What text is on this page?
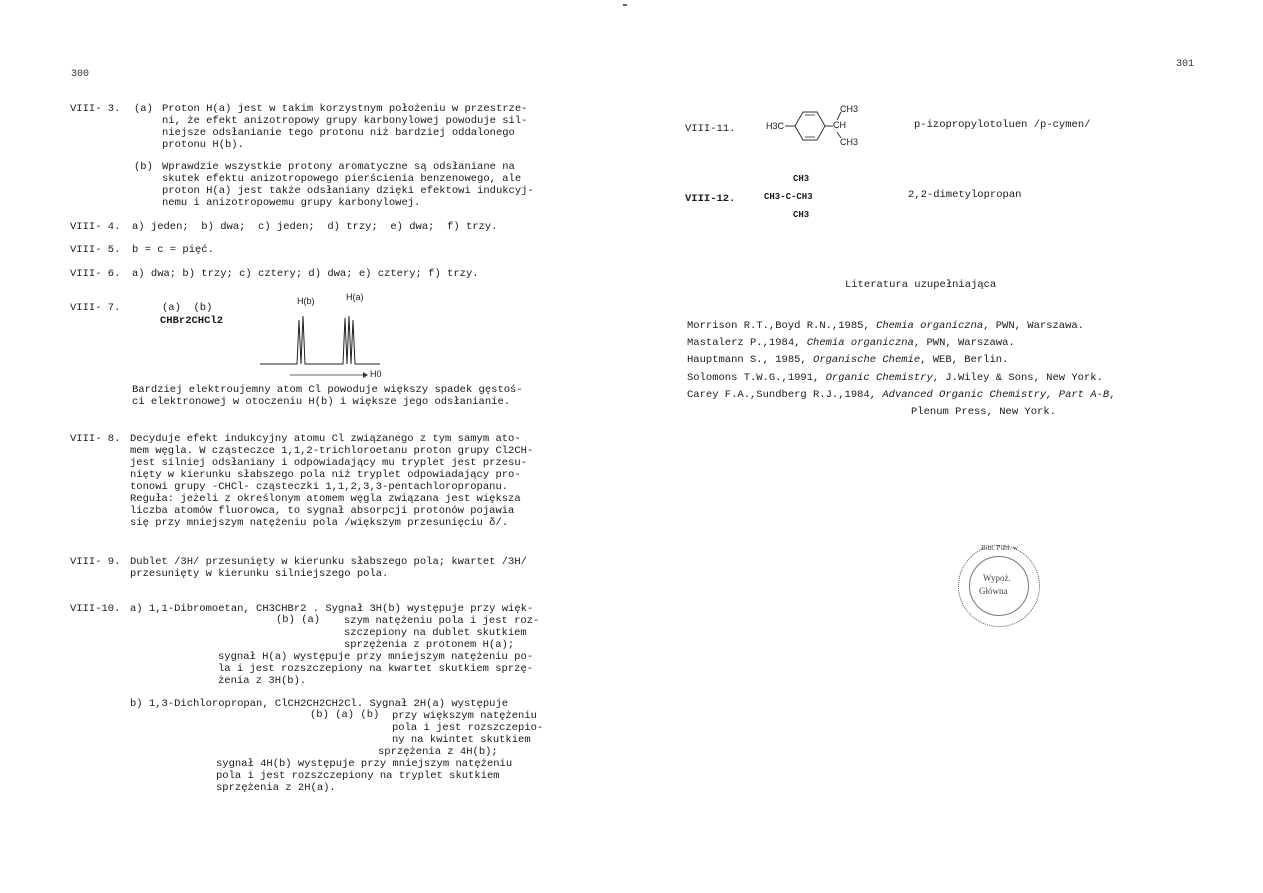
300
VIII- 3. (a) Proton H(a) jest w takim korzystnym położeniu w przestrze-
ni, że efekt anizotropowy grupy karbonylowej powoduje sil-
niejsze odsłanianie tego protonu niż bardziej oddalonego
protonu H(b).
(b) Wprawdzie wszystkie protony aromatyczne są odsłaniane na
skutek efektu anizotropowego pierścienia benzenowego, ale
proton H(a) jest także odsłaniany dzięki efektowi indukcyj-
nemu i anizotropowemu grupy karbonylowej.
VIII- 4. a) jeden;  b) dwa;  c) jeden;  d) trzy;  e) dwa;  f) trzy.
VIII- 5. b = c = pięć.
VIII- 6. a) dwa; b) trzy; c) cztery; d) dwa; e) cztery; f) trzy.
VIII- 7.	(a)  (b)
CHBr2CHCl2
H(b)	H(a)
H0
Bardziej elektroujemny atom Cl powoduje większy spadek gęstoś-
ci elektronowej w otoczeniu H(b) i większe jego odsłanianie.
VIII- 8. Decyduje efekt indukcyjny atomu Cl związanego z tym samym ato-
mem węgla. W cząsteczce 1,1,2-trichloroetanu proton grupy Cl2CH-
jest silniej odsłaniany i odpowiadający mu tryplet jest przesu-
nięty w kierunku słabszego pola niż tryplet odpowiadający pro-
tonowi grupy -CHCl- cząsteczki 1,1,2,3,3-pentachloropropanu.
Reguła: jeżeli z określonym atomem węgla związana jest większa
liczba atomów fluorowca, to sygnał absorpcji protonów pojawia
się przy mniejszym natężeniu pola /większym przesunięciu δ/.
VIII- 9. Dublet /3H/ przesunięty w kierunku słabszego pola; kwartet /3H/
przesunięty w kierunku silniejszego pola.
VIII-10. a) 1,1-Dibromoetan, CH3CHBr2 . Sygnał 3H(b) występuje przy więk-
(b) (a) szym natężeniu pola i jest roz-
szczepiony na dublet skutkiem
sprzężenia z protonem H(a);
sygnał H(a) występuje przy mniejszym natężeniu po-
la i jest rozszczepiony na kwartet skutkiem sprzę-
żenia z 3H(b).
b) 1,3-Dichloropropan, ClCH2CH2CH2Cl. Sygnał 2H(a) występuje
(b) (a) (b) przy większym natężeniu
pola i jest rozszczepio-
ny na kwintet skutkiem
sprzężenia z 4H(b);
sygnał 4H(b) występuje przy mniejszym natężeniu
pola i jest rozszczepiony na tryplet skutkiem
sprzężenia z 2H(a).
301
VIII-11.	H3C
CH3
CH
CH3
p-izopropylotoluen /p-cymen/
VIII-12.
CH3
CH3-C-CH3
CH3
2,2-dimetylopropan
Literatura uzupełniająca
Morrison R.T.,Boyd R.N.,1985, Chemia organiczna, PWN, Warszawa.
Mastalerz P.,1984, Chemia organiczna, PWN, Warszawa.
Hauptmann S., 1985, Organische Chemie, WEB, Berlin.
Solomons T.W.G.,1991, Organic Chemistry, J.Wiley & Sons, New York.
Carey F.A.,Sundberg R.J.,1984, Advanced Organic Chemistry, Part A-B,
Plenum Press, New York.
Bibl. Publ. w
Wypoż.
Główna
